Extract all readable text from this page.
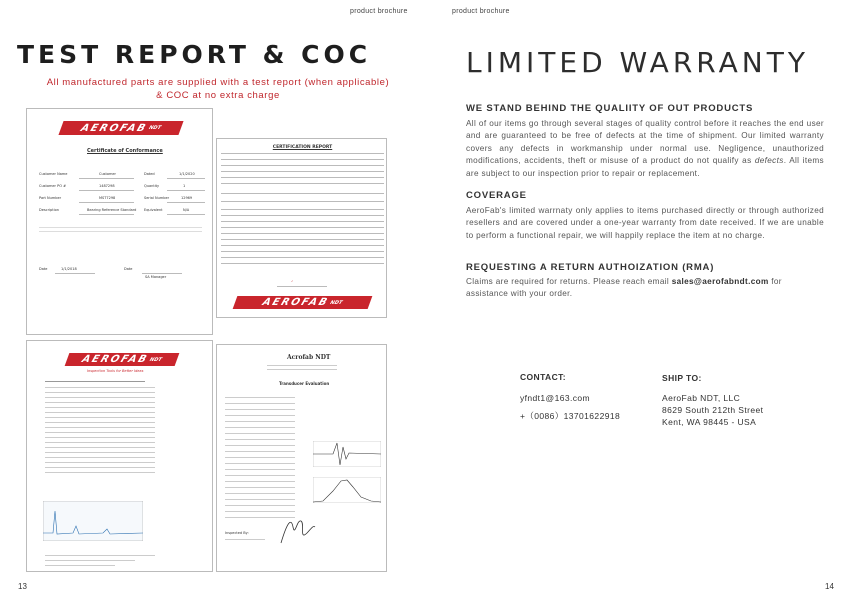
product brochure	product brochure
TEST REPORT & COC
All manufactured parts are supplied with a test report (when applicable)
& COC at no extra charge
AEROFAB
NDT
Certificate of Conformance
Customer Name	Customer	Dated	1/1/2020
Customer PO #	1487298	Quantity	1
Part Number	MST7298	Serial Number	12969
Description	Bearing Reference Standard Equivalent	N/A
Date	1/1/2018	Date
SA Manager
CERTIFICATION REPORT
✓
AEROFAB
NDT
AEROFAB
NDT
Inspection Tools for Better Ideas
Acrofab NDT
Transducer Evaluation
Inspected By:
13
LIMITED WARRANTY
WE STAND BEHIND THE QUALIITY OF OUT PRODUCTS
All of our items go through several stages of quality control before it reaches the end user and are guaranteed to be free of defects at the time of shipment. Our limited warranty covers any defects in workmanship under normal use. Negligence, unauthorized modifications, accidents, theft or misuse of a product do not qualify as defects. All items are subject to our inspection prior to repair or replacement.
COVERAGE
AeroFab's limited warrnaty only applies to items purchased directly or through authorized resellers and are covered under a one-year warranty from date received. If we are unable to perform a functional repair, we will happily replace the item at no charge.
REQUESTING A RETURN AUTHOIZATION (RMA)
Claims are required for returns. Please reach email sales@aerofabndt.com for assistance with your order.
CONTACT:
yfndt1@163.com
+（0086）13701622918
SHIP TO:
AeroFab NDT, LLC
8629 South 212th Street
Kent, WA 98445 - USA
14
